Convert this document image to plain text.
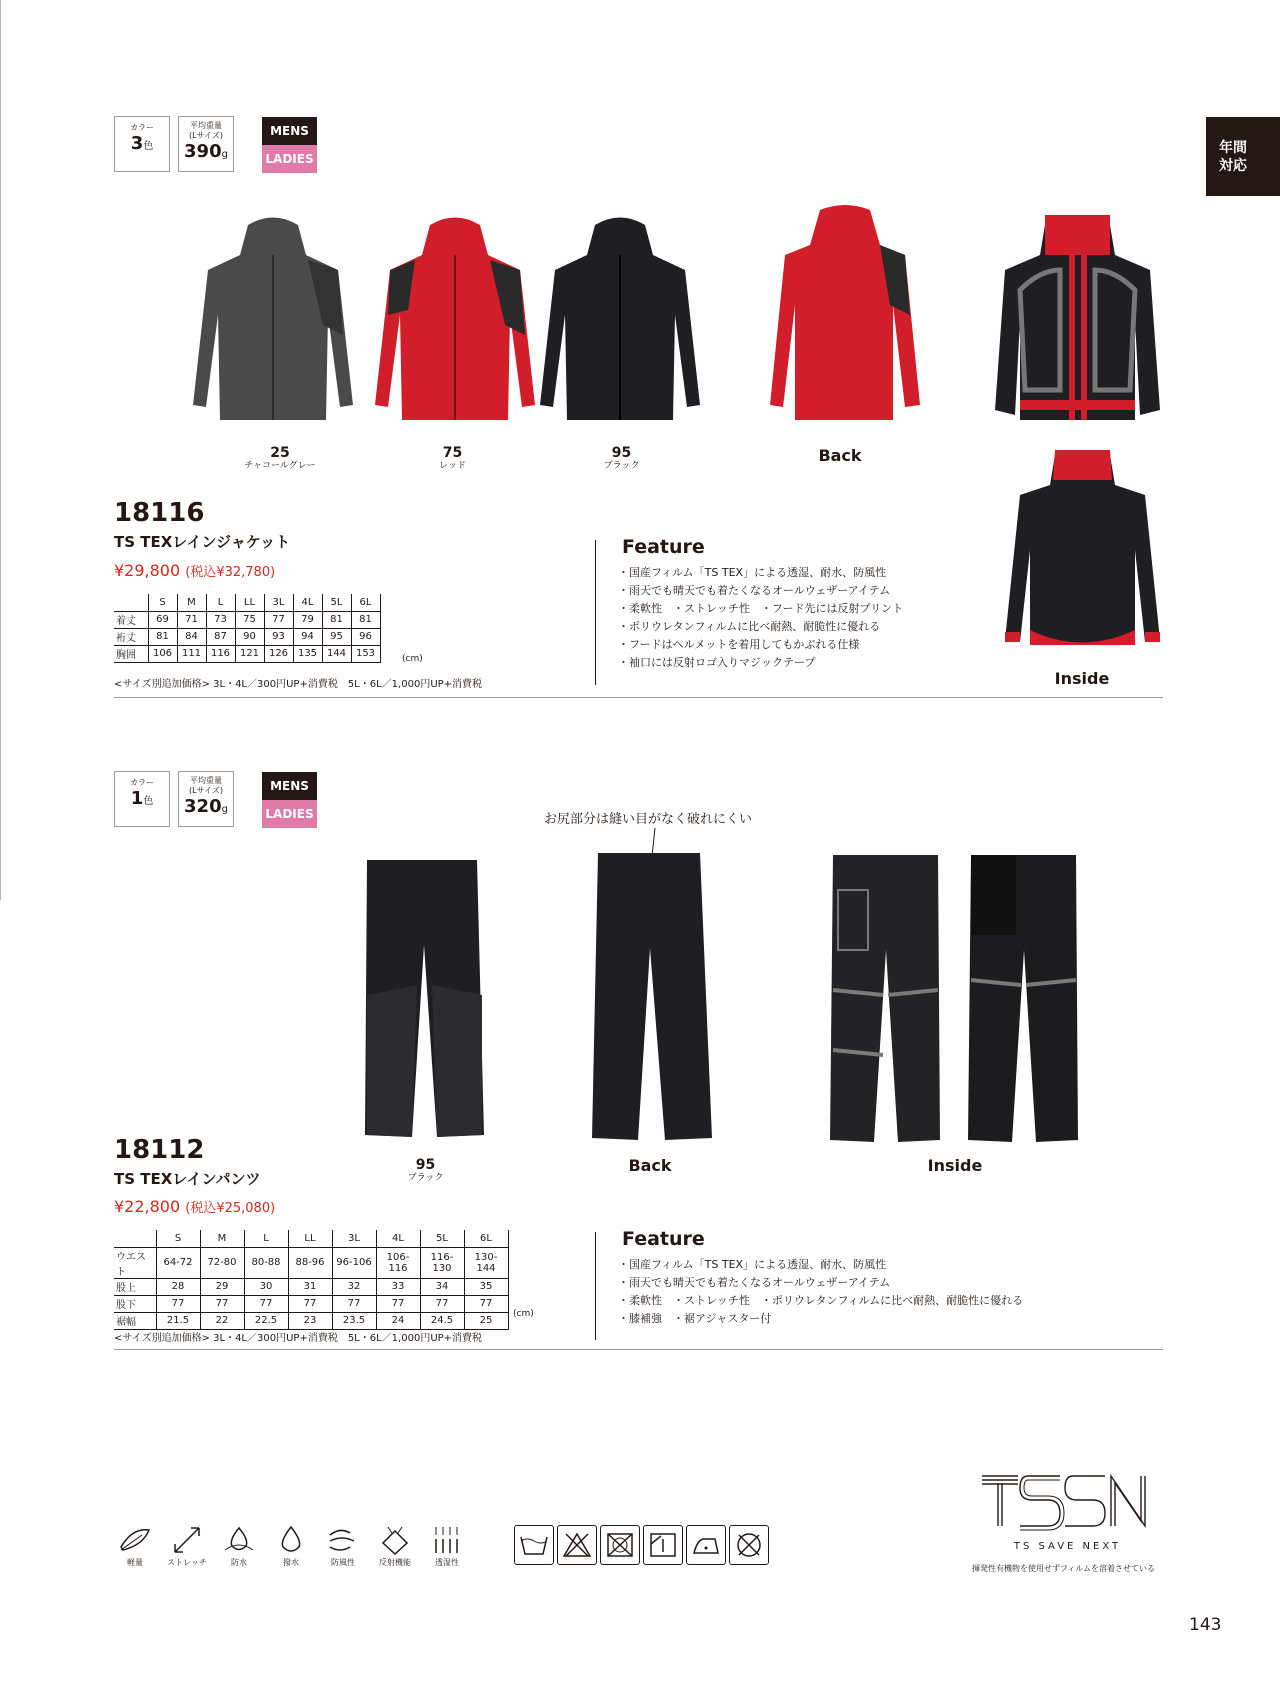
年間
対応
カラー
3色
平均重量
(Lサイズ)
390g
MENS
LADIES
25
チャコールグレー
75
レッド
95
ブラック
Back
Inside
18116
TS TEXレインジャケット
¥29,800 (税込¥32,780)
	S	M	L	LL	3L	4L	5L	6L
着丈	69	71	73	75	77	79	81	81
裄丈	81	84	87	90	93	94	95	96
胸囲	106	111	116	121	126	135	144	153	(cm)
<サイズ別追加価格> 3L・4L／300円UP+消費税　5L・6L／1,000円UP+消費税
Feature
・国産フィルム「TS TEX」による透湿、耐水、防風性
・雨天でも晴天でも着たくなるオールウェザーアイテム
・柔軟性　・ストレッチ性　・フード先には反射プリント
・ポリウレタンフィルムに比べ耐熱、耐脆性に優れる
・フードはヘルメットを着用してもかぶれる仕様
・袖口には反射ロゴ入りマジックテープ
カラー
1色
平均重量
(Lサイズ)
320g
MENS
LADIES	お尻部分は縫い目がなく破れにくい
95
ブラック
Back	Inside
18112
TS TEXレインパンツ
¥22,800 (税込¥25,080)
	S	M	L	LL	3L	4L	5L	6L
ウエスト	64-72	72-80	80-88	88-96	96-106	106-116	116-130	130-144
股上	28	29	30	31	32	33	34	35
股下	77	77	77	77	77	77	77	77
裾幅	21.5	22	22.5	23	23.5	24	24.5	25
(cm)
<サイズ別追加価格> 3L・4L／300円UP+消費税　5L・6L／1,000円UP+消費税
Feature
・国産フィルム「TS TEX」による透湿、耐水、防風性
・雨天でも晴天でも着たくなるオールウェザーアイテム
・柔軟性　・ストレッチ性　・ポリウレタンフィルムに比べ耐熱、耐脆性に優れる
・膝補強　・裾アジャスター付
軽量	ストレッチ	防水	撥水	防風性	反射機能	透湿性
TS SAVE NEXT
揮発性有機物を使用せずフィルムを溶着させている
143
